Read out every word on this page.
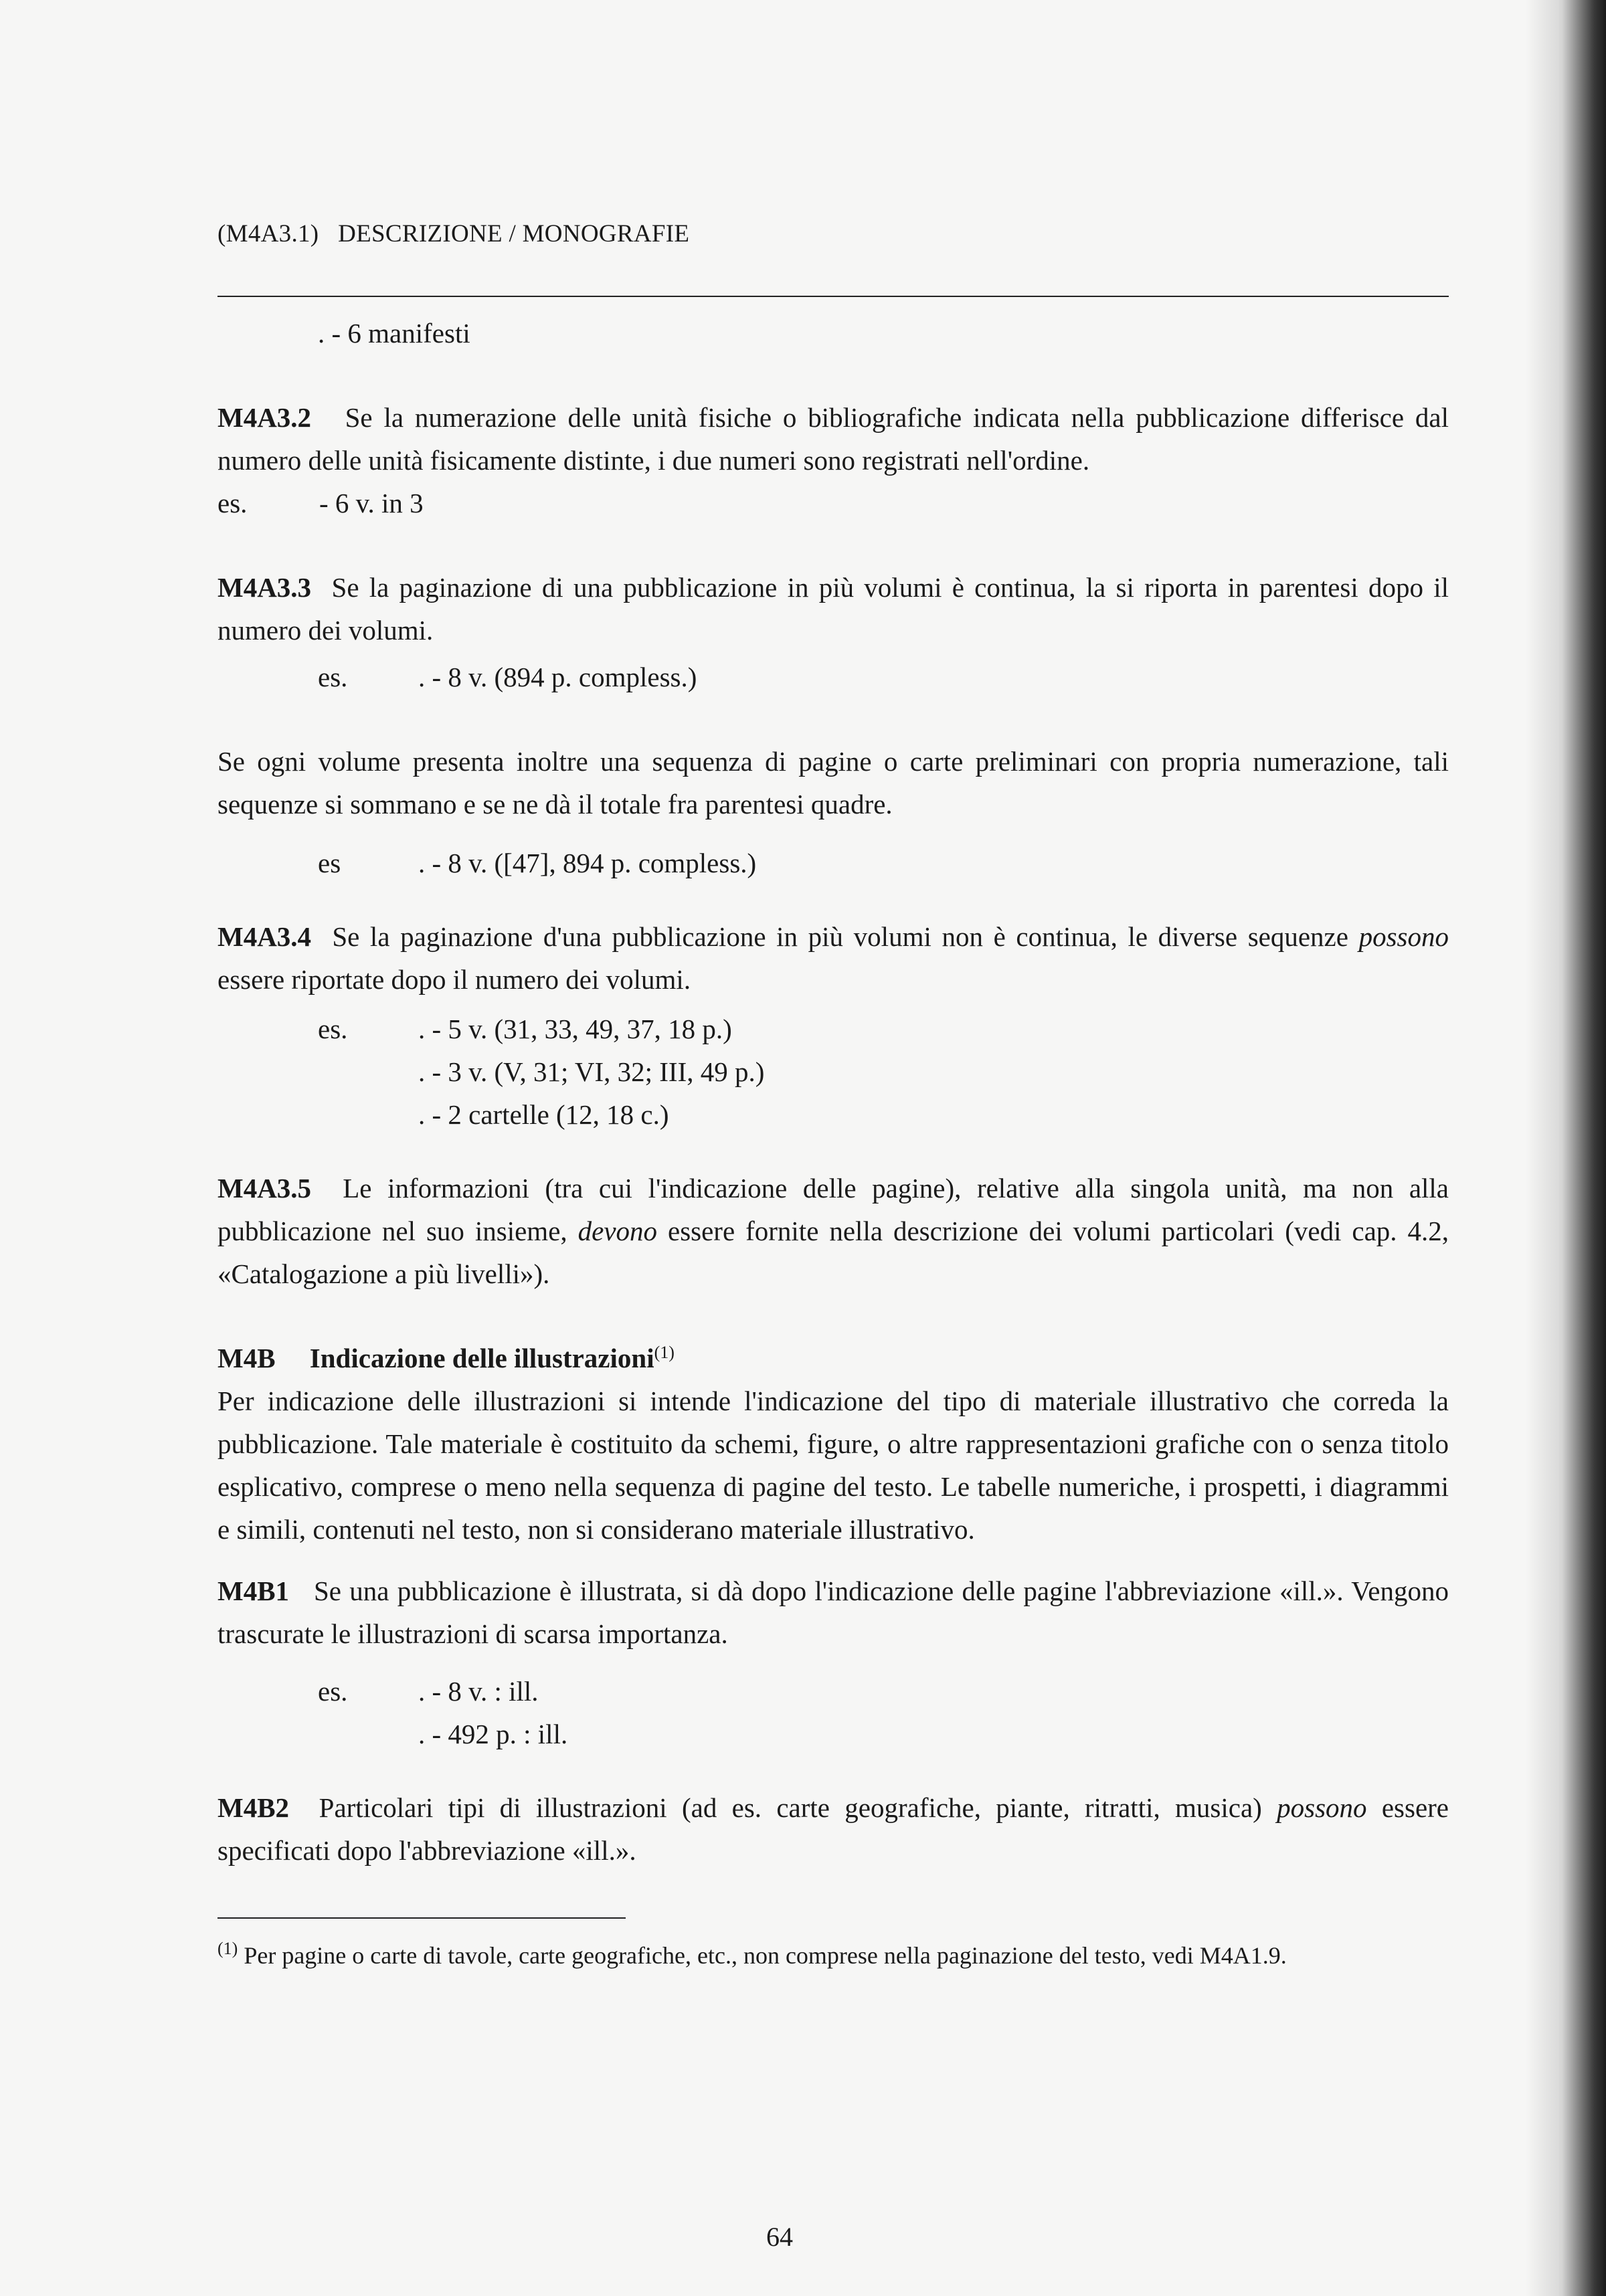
(M4A3.1) DESCRIZIONE / MONOGRAFIE
. - 6 manifesti

M4A3.2 Se la numerazione delle unità fisiche o bibliografiche indicata nella pubblicazione differisce dal numero delle unità fisicamente distinte, i due numeri sono registrati nell'ordine.

es.	- 6 v. in 3

M4A3.3 Se la paginazione di una pubblicazione in più volumi è continua, la si riporta in parentesi dopo il numero dei volumi.

es.	. - 8 v. (894 p. compless.)

Se ogni volume presenta inoltre una sequenza di pagine o carte preliminari con propria numerazione, tali sequenze si sommano e se ne dà il totale fra parentesi quadre.

es	. - 8 v. ([47], 894 p. compless.)

M4A3.4 Se la paginazione d'una pubblicazione in più volumi non è continua, le diverse sequenze possono essere riportate dopo il numero dei volumi.

es.	. - 5 v. (31, 33, 49, 37, 18 p.)
. - 3 v. (V, 31; VI, 32; III, 49 p.)
. - 2 cartelle (12, 18 c.)

M4A3.5 Le informazioni (tra cui l'indicazione delle pagine), relative alla singola unità, ma non alla pubblicazione nel suo insieme, devono essere fornite nella descrizione dei volumi particolari (vedi cap. 4.2, «Catalogazione a più livelli»).

M4B Indicazione delle illustrazioni$^{(1)}$

Per indicazione delle illustrazioni si intende l'indicazione del tipo di materiale illustrativo che correda la pubblicazione. Tale materiale è costituito da schemi, figure, o altre rappresentazioni grafiche con o senza titolo esplicativo, comprese o meno nella sequenza di pagine del testo. Le tabelle numeriche, i prospetti, i diagrammi e simili, contenuti nel testo, non si considerano materiale illustrativo.

M4B1 Se una pubblicazione è illustrata, si dà dopo l'indicazione delle pagine l'abbreviazione «ill.». Vengono trascurate le illustrazioni di scarsa importanza.

es.	. - 8 v. : ill.
. - 492 p. : ill.

M4B2 Particolari tipi di illustrazioni (ad es. carte geografiche, piante, ritratti, musica) possono essere specificati dopo l'abbreviazione «ill.».

$^{(1)}$ Per pagine o carte di tavole, carte geografiche, etc., non comprese nella paginazione del testo, vedi M4A1.9.

64
